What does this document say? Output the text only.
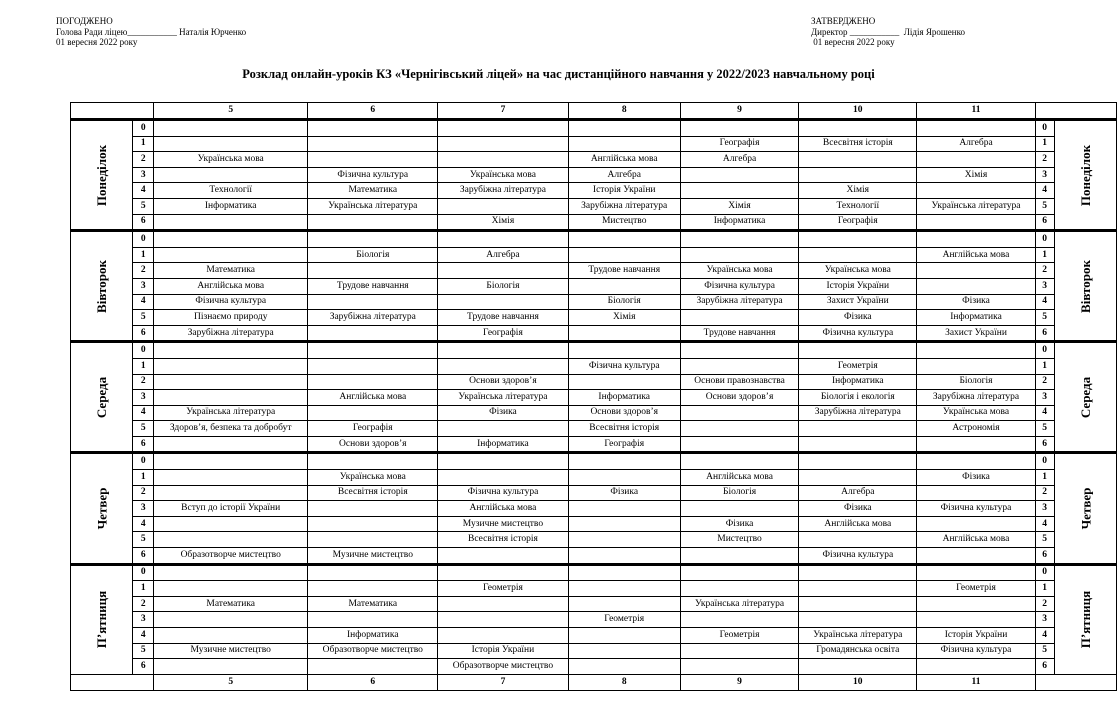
ПОГОДЖЕНО
Голова Ради ліцею___________ Наталія Юрченко
01 вересня 2022 року
ЗАТВЕРДЖЕНО
Директор ___________  Лідія Ярошенко
01 вересня 2022 року
Розклад онлайн-уроків КЗ «Чернігівський ліцей» на час дистанційного навчання у 2022/2023 навчальному році
		5	6	7	8	9	10	11		
Понеділок	0								0	Понеділок
	1					Географія	Всесвітня історія	Алгебра	1	
	2	Українська мова			Англійська мова	Алгебра			2	
	3		Фізична культура	Українська мова	Алгебра			Хімія	3	
	4	Технології	Математика	Зарубіжна література	Історія України		Хімія		4	
	5	Інформатика	Українська література		Зарубіжна література	Хімія	Технології	Українська література	5	
	6			Хімія	Мистецтво	Інформатика	Географія		6	
Вівторок	0								0	Вівторок
	1		Біологія	Алгебра				Англійська мова	1	
	2	Математика			Трудове навчання	Українська мова	Українська мова		2	
	3	Англійська мова	Трудове навчання	Біологія		Фізична культура	Історія України		3	
	4	Фізична культура			Біологія	Зарубіжна література	Захист України	Фізика	4	
	5	Пізнаємо природу	Зарубіжна література	Трудове навчання	Хімія		Фізика	Інформатика	5	
	6	Зарубіжна література		Географія		Трудове навчання	Фізична культура	Захист України	6	
Середа	0								0	Середа
	1				Фізична культура		Геометрія		1	
	2			Основи здоров’я		Основи правознавства	Інформатика	Біологія	2	
	3		Англійська мова	Українська література	Інформатика	Основи здоров’я	Біологія і екологія	Зарубіжна література	3	
	4	Українська література		Фізика	Основи здоров’я		Зарубіжна література	Українська мова	4	
	5	Здоров’я, безпека та добробут	Географія		Всесвітня історія			Астрономія	5	
	6		Основи здоров’я	Інформатика	Географія				6	
Четвер	0								0	Четвер
	1		Українська мова			Англійська мова		Фізика	1	
	2		Всесвітня історія	Фізична культура	Фізика	Біологія	Алгебра		2	
	3	Вступ до історії України		Англійська мова			Фізика	Фізична культура	3	
	4			Музичне мистецтво		Фізика	Англійська мова		4	
	5			Всесвітня історія		Мистецтво		Англійська мова	5	
	6	Образотворче мистецтво	Музичне мистецтво				Фізична культура		6	
П’ятниця	0								0	П’ятниця
	1			Геометрія				Геометрія	1	
	2	Математика	Математика			Українська література			2	
	3				Геометрія				3	
	4		Інформатика			Геометрія	Українська література	Історія України	4	
	5	Музичне мистецтво	Образотворче мистецтво	Історія України			Громадянська освіта	Фізична культура	5	
	6			Образотворче мистецтво					6	
		5	6	7	8	9	10	11		
